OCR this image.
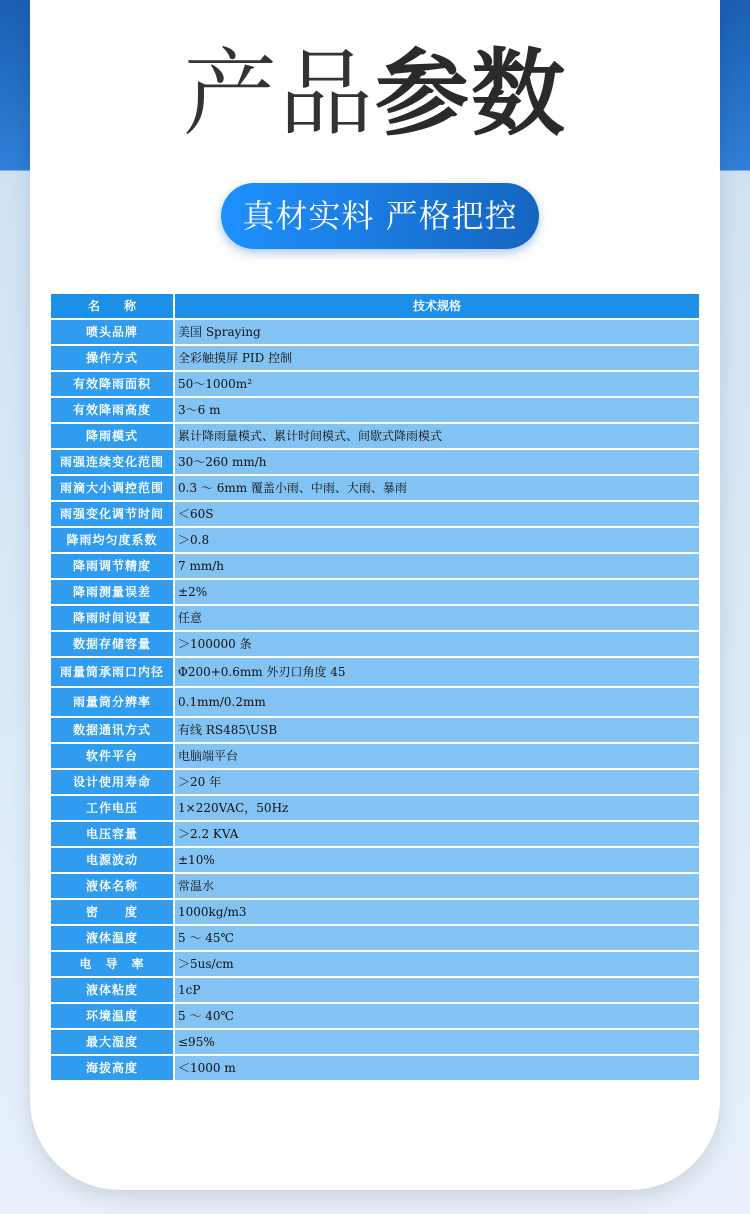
产品参数
真材实料 严格把控
名　　称	技术规格
喷头品牌	美国 Spraying
操作方式	全彩触摸屏 PID 控制
有效降雨面积	50～1000m²
有效降雨高度	3～6 m
降雨模式	累计降雨量模式、累计时间模式、间歇式降雨模式
雨强连续变化范围	30～260 mm/h
雨滴大小调控范围	0.3 ～ 6mm 覆盖小雨、中雨、大雨、暴雨
雨强变化调节时间	＜60S
降雨均匀度系数	＞0.8
降雨调节精度	7 mm/h
降雨测量误差	±2%
降雨时间设置	任意
数据存储容量	＞100000 条
雨量筒承雨口内径	Φ200+0.6mm 外刃口角度 45
雨量筒分辨率	0.1mm/0.2mm
数据通讯方式	有线 RS485\USB
软件平台	电脑端平台
设计使用寿命	＞20 年
工作电压	1×220VAC，50Hz
电压容量	＞2.2 KVA
电源波动	±10%
液体名称	常温水
密　　度	1000kg/m3
液体温度	5 ～ 45℃
电　导　率	＞5us/cm
液体粘度	1cP
环境温度	5 ～ 40℃
最大湿度	≤95%
海拔高度	＜1000 m
